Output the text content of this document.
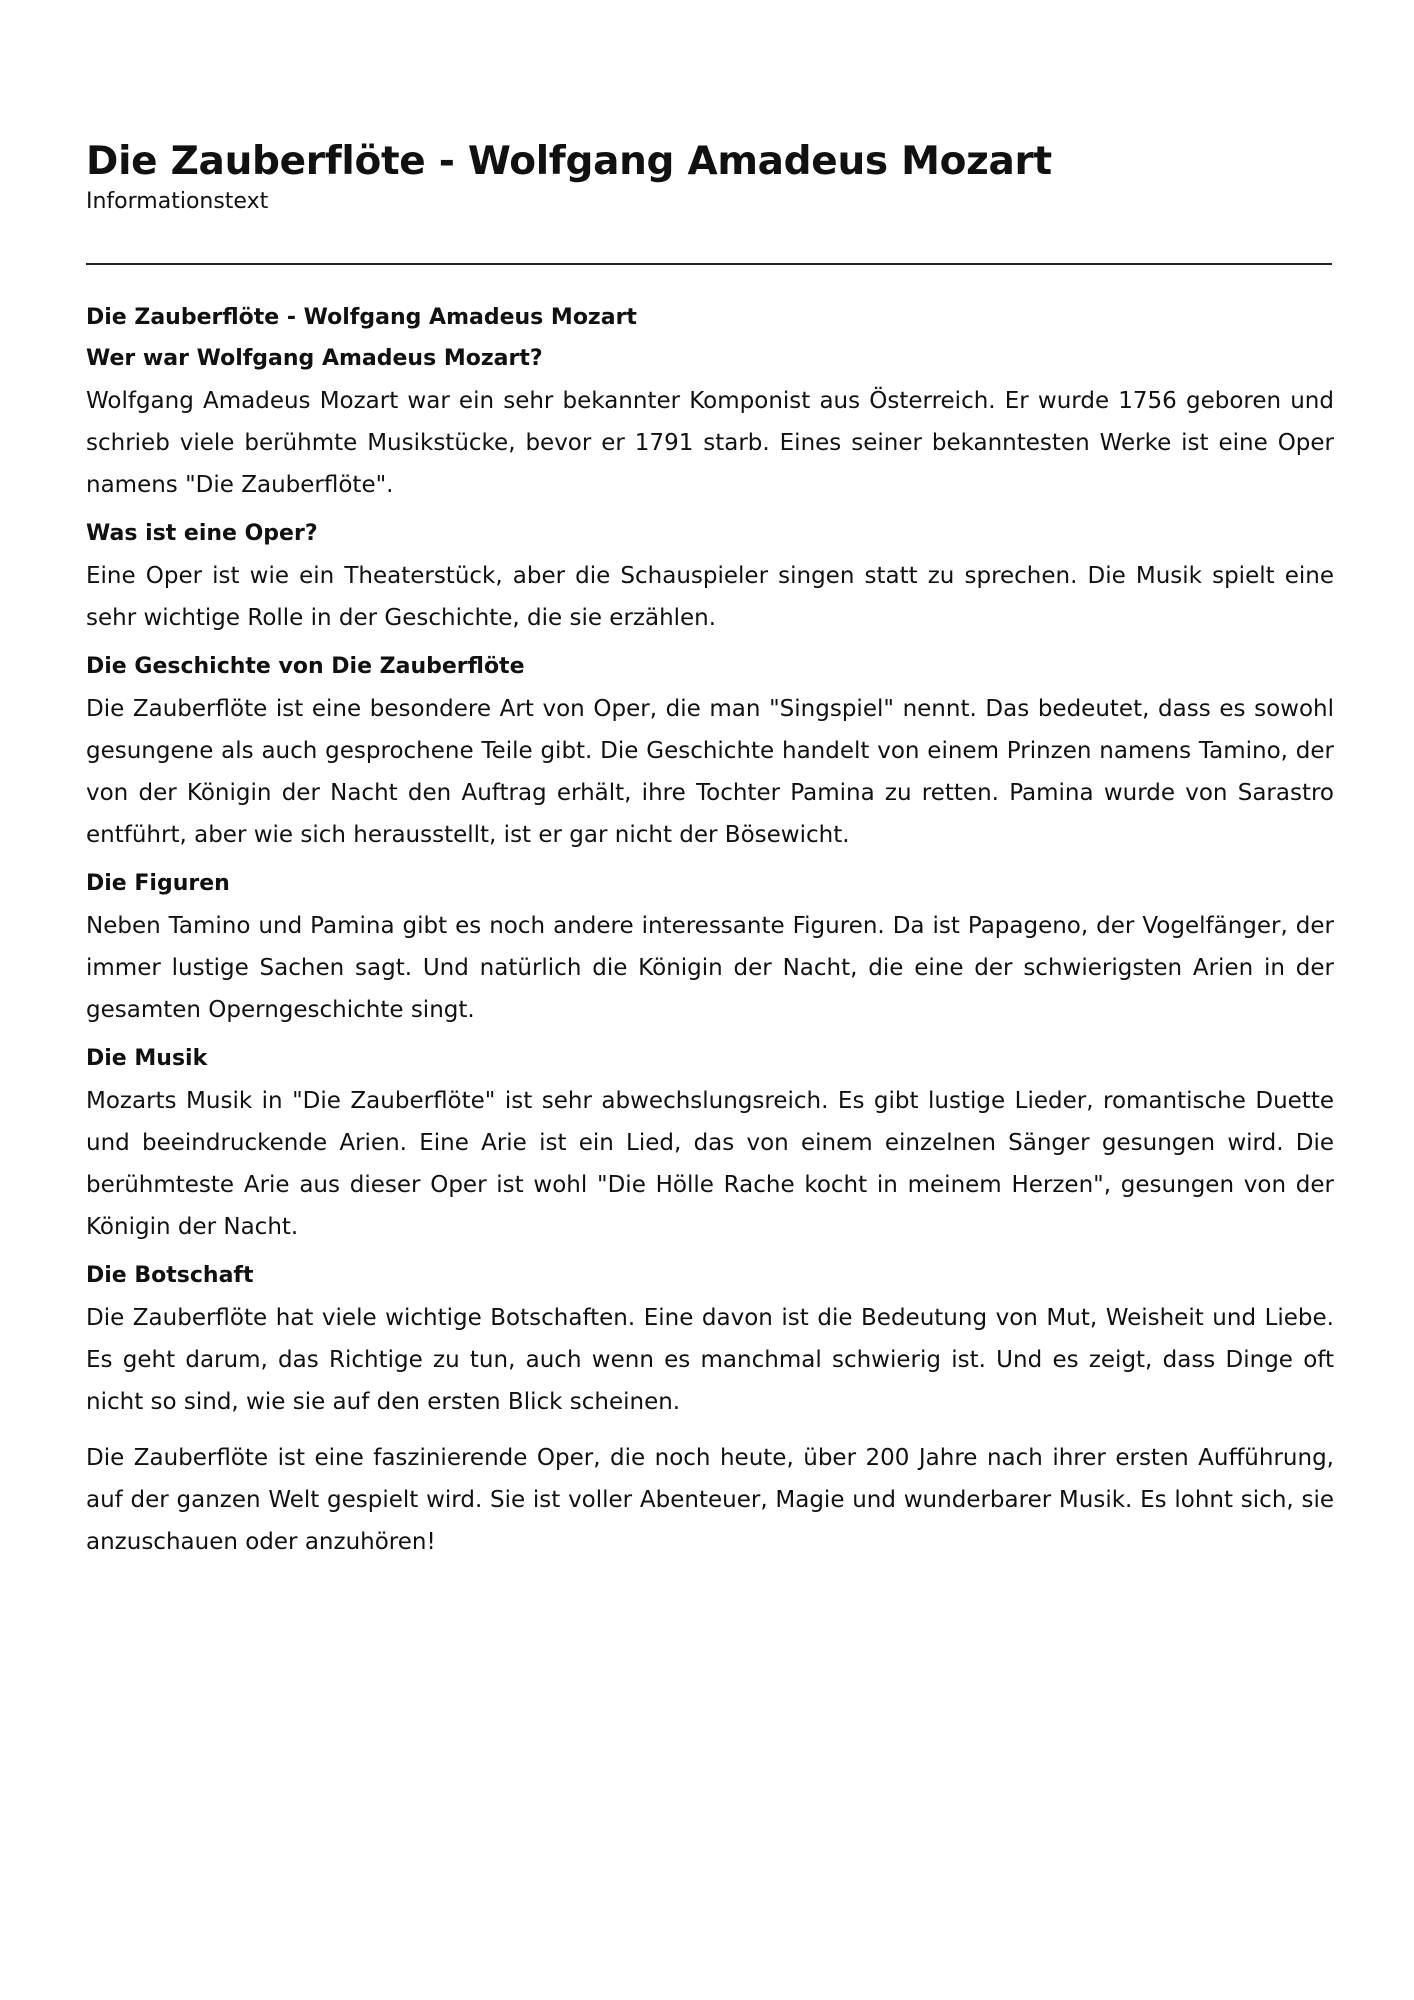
Die Zauberflöte - Wolfgang Amadeus Mozart
Informationstext
Die Zauberflöte - Wolfgang Amadeus Mozart
Wer war Wolfgang Amadeus Mozart?

Wolfgang Amadeus Mozart war ein sehr bekannter Komponist aus Österreich. Er wurde 1756 geboren und schrieb viele berühmte Musikstücke, bevor er 1791 starb. Eines seiner bekanntesten Werke ist eine Oper namens "Die Zauberflöte".

Was ist eine Oper?

Eine Oper ist wie ein Theaterstück, aber die Schauspieler singen statt zu sprechen. Die Musik spielt eine sehr wichtige Rolle in der Geschichte, die sie erzählen.

Die Geschichte von Die Zauberflöte

Die Zauberflöte ist eine besondere Art von Oper, die man "Singspiel" nennt. Das bedeutet, dass es sowohl gesungene als auch gesprochene Teile gibt. Die Geschichte handelt von einem Prinzen namens Tamino, der von der Königin der Nacht den Auftrag erhält, ihre Tochter Pamina zu retten. Pamina wurde von Sarastro entführt, aber wie sich herausstellt, ist er gar nicht der Bösewicht.

Die Figuren

Neben Tamino und Pamina gibt es noch andere interessante Figuren. Da ist Papageno, der Vogelfänger, der immer lustige Sachen sagt. Und natürlich die Königin der Nacht, die eine der schwierigsten Arien in der gesamten Operngeschichte singt.

Die Musik

Mozarts Musik in "Die Zauberflöte" ist sehr abwechslungsreich. Es gibt lustige Lieder, romantische Duette und beeindruckende Arien. Eine Arie ist ein Lied, das von einem einzelnen Sänger gesungen wird. Die berühmteste Arie aus dieser Oper ist wohl "Die Hölle Rache kocht in meinem Herzen", gesungen von der Königin der Nacht.

Die Botschaft

Die Zauberflöte hat viele wichtige Botschaften. Eine davon ist die Bedeutung von Mut, Weisheit und Liebe. Es geht darum, das Richtige zu tun, auch wenn es manchmal schwierig ist. Und es zeigt, dass Dinge oft nicht so sind, wie sie auf den ersten Blick scheinen.

Die Zauberflöte ist eine faszinierende Oper, die noch heute, über 200 Jahre nach ihrer ersten Aufführung, auf der ganzen Welt gespielt wird. Sie ist voller Abenteuer, Magie und wunderbarer Musik. Es lohnt sich, sie anzuschauen oder anzuhören!
